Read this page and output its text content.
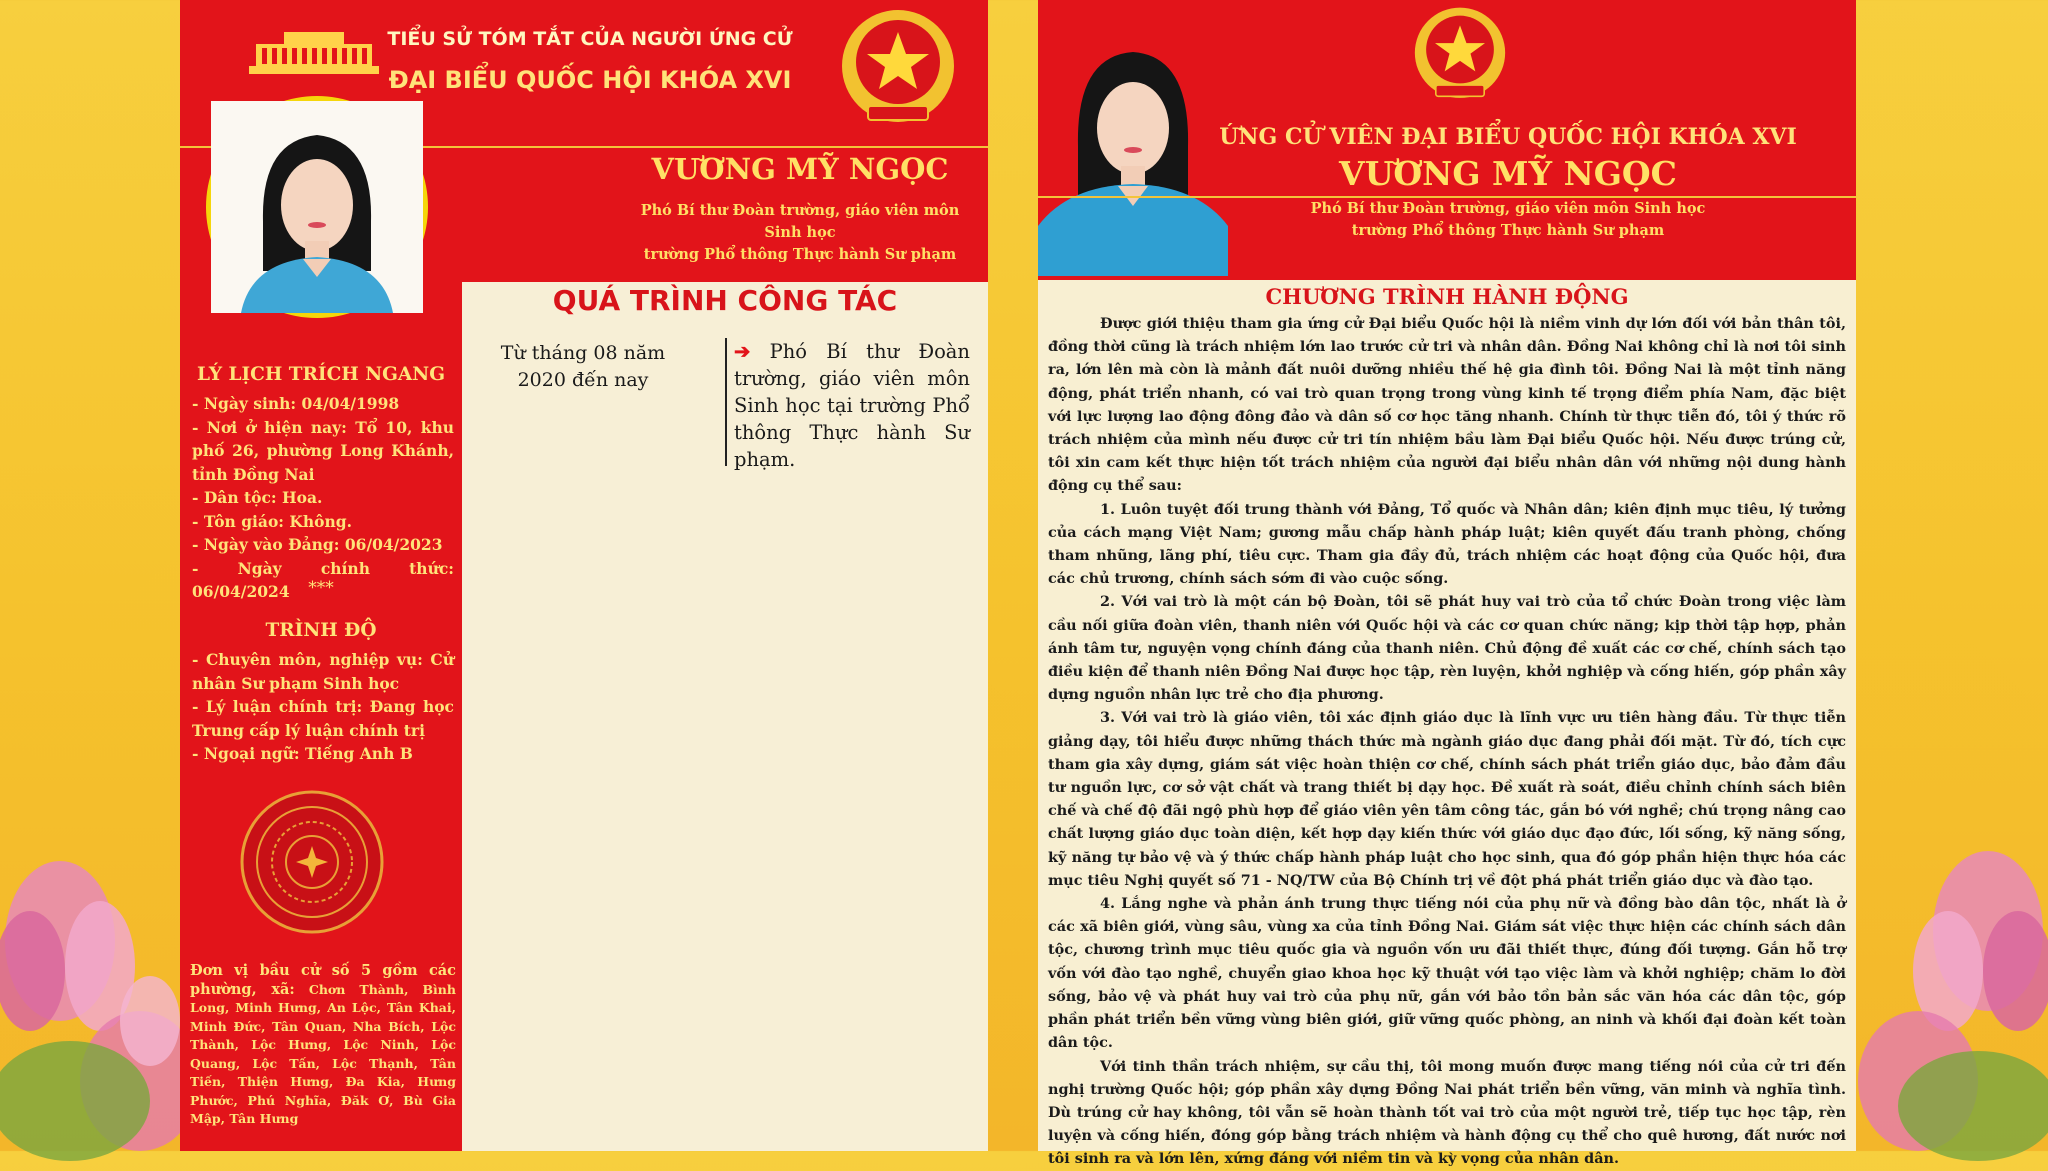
TIỂU SỬ TÓM TẮT CỦA NGƯỜI ỨNG CỬ
ĐẠI BIỂU QUỐC HỘI KHÓA XVI
VƯƠNG MỸ NGỌC
Phó Bí thư Đoàn trường, giáo viên môn Sinh học
trường Phổ thông Thực hành Sư phạm
LÝ LỊCH TRÍCH NGANG
- Ngày sinh: 04/04/1998
- Nơi ở hiện nay: Tổ 10, khu phố 26, phường Long Khánh, tỉnh Đồng Nai
- Dân tộc: Hoa.
- Tôn giáo: Không.
- Ngày vào Đảng: 06/04/2023
- Ngày chính thức: 06/04/2024	***
TRÌNH ĐỘ
- Chuyên môn, nghiệp vụ: Cử nhân Sư phạm Sinh học
- Lý luận chính trị: Đang học Trung cấp lý luận chính trị
- Ngoại ngữ: Tiếng Anh B
Đơn vị bầu cử số 5 gồm các phường, xã: Chơn Thành, Bình Long, Minh Hưng, An Lộc, Tân Khai, Minh Đức, Tân Quan, Nha Bích, Lộc Thành, Lộc Hưng, Lộc Ninh, Lộc Quang, Lộc Tấn, Lộc Thạnh, Tân Tiến, Thiện Hưng, Đa Kia, Hưng Phước, Phú Nghĩa, Đăk Ơ, Bù Gia Mập, Tân Hưng
QUÁ TRÌNH CÔNG TÁC
Từ tháng 08 năm 2020 đến nay
➔ Phó Bí thư Đoàn trường, giáo viên môn Sinh học tại trường Phổ thông Thực hành Sư phạm.
ỨNG CỬ VIÊN ĐẠI BIỂU QUỐC HỘI KHÓA XVI
VƯƠNG MỸ NGỌC
Phó Bí thư Đoàn trường, giáo viên môn Sinh học
trường Phổ thông Thực hành Sư phạm
CHƯƠNG TRÌNH HÀNH ĐỘNG

Được giới thiệu tham gia ứng cử Đại biểu Quốc hội là niềm vinh dự lớn đối với bản thân tôi, đồng thời cũng là trách nhiệm lớn lao trước cử tri và nhân dân. Đồng Nai không chỉ là nơi tôi sinh ra, lớn lên mà còn là mảnh đất nuôi dưỡng nhiều thế hệ gia đình tôi. Đồng Nai là một tỉnh năng động, phát triển nhanh, có vai trò quan trọng trong vùng kinh tế trọng điểm phía Nam, đặc biệt với lực lượng lao động đông đảo và dân số cơ học tăng nhanh. Chính từ thực tiễn đó, tôi ý thức rõ trách nhiệm của mình nếu được cử tri tín nhiệm bầu làm Đại biểu Quốc hội. Nếu được trúng cử, tôi xin cam kết thực hiện tốt trách nhiệm của người đại biểu nhân dân với những nội dung hành động cụ thể sau:

1. Luôn tuyệt đối trung thành với Đảng, Tổ quốc và Nhân dân; kiên định mục tiêu, lý tưởng của cách mạng Việt Nam; gương mẫu chấp hành pháp luật; kiên quyết đấu tranh phòng, chống tham nhũng, lãng phí, tiêu cực. Tham gia đầy đủ, trách nhiệm các hoạt động của Quốc hội, đưa các chủ trương, chính sách sớm đi vào cuộc sống.

2. Với vai trò là một cán bộ Đoàn, tôi sẽ phát huy vai trò của tổ chức Đoàn trong việc làm cầu nối giữa đoàn viên, thanh niên với Quốc hội và các cơ quan chức năng; kịp thời tập hợp, phản ánh tâm tư, nguyện vọng chính đáng của thanh niên. Chủ động đề xuất các cơ chế, chính sách tạo điều kiện để thanh niên Đồng Nai được học tập, rèn luyện, khởi nghiệp và cống hiến, góp phần xây dựng nguồn nhân lực trẻ cho địa phương.

3. Với vai trò là giáo viên, tôi xác định giáo dục là lĩnh vực ưu tiên hàng đầu. Từ thực tiễn giảng dạy, tôi hiểu được những thách thức mà ngành giáo dục đang phải đối mặt. Từ đó, tích cực tham gia xây dựng, giám sát việc hoàn thiện cơ chế, chính sách phát triển giáo dục, bảo đảm đầu tư nguồn lực, cơ sở vật chất và trang thiết bị dạy học. Đề xuất rà soát, điều chỉnh chính sách biên chế và chế độ đãi ngộ phù hợp để giáo viên yên tâm công tác, gắn bó với nghề; chú trọng nâng cao chất lượng giáo dục toàn diện, kết hợp dạy kiến thức với giáo dục đạo đức, lối sống, kỹ năng sống, kỹ năng tự bảo vệ và ý thức chấp hành pháp luật cho học sinh, qua đó góp phần hiện thực hóa các mục tiêu Nghị quyết số 71 - NQ/TW của Bộ Chính trị về đột phá phát triển giáo dục và đào tạo.

4. Lắng nghe và phản ánh trung thực tiếng nói của phụ nữ và đồng bào dân tộc, nhất là ở các xã biên giới, vùng sâu, vùng xa của tỉnh Đồng Nai. Giám sát việc thực hiện các chính sách dân tộc, chương trình mục tiêu quốc gia và nguồn vốn ưu đãi thiết thực, đúng đối tượng. Gắn hỗ trợ vốn với đào tạo nghề, chuyển giao khoa học kỹ thuật với tạo việc làm và khởi nghiệp; chăm lo đời sống, bảo vệ và phát huy vai trò của phụ nữ, gắn với bảo tồn bản sắc văn hóa các dân tộc, góp phần phát triển bền vững vùng biên giới, giữ vững quốc phòng, an ninh và khối đại đoàn kết toàn dân tộc.

Với tinh thần trách nhiệm, sự cầu thị, tôi mong muốn được mang tiếng nói của cử tri đến nghị trường Quốc hội; góp phần xây dựng Đồng Nai phát triển bền vững, văn minh và nghĩa tình. Dù trúng cử hay không, tôi vẫn sẽ hoàn thành tốt vai trò của một người trẻ, tiếp tục học tập, rèn luyện và cống hiến, đóng góp bằng trách nhiệm và hành động cụ thể cho quê hương, đất nước nơi tôi sinh ra và lớn lên, xứng đáng với niềm tin và kỳ vọng của nhân dân.
